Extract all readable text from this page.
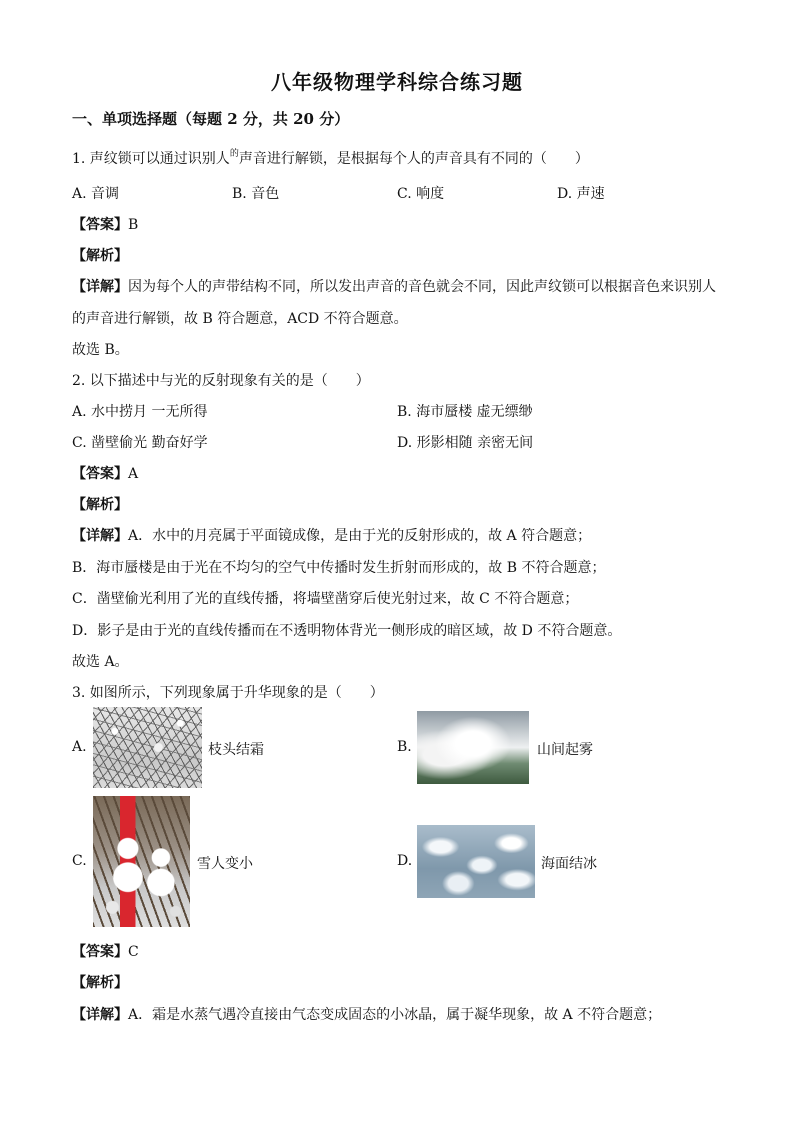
八年级物理学科综合练习题
一、单项选择题（每题 2 分，共 20 分）
1. 声纹锁可以通过识别人$^的$声音进行解锁，是根据每个人的声音具有不同的（　　）
A. 音调	B. 音色	C. 响度	D. 声速
【答案】B
【解析】
【详解】因为每个人的声带结构不同，所以发出声音的音色就会不同，因此声纹锁可以根据音色来识别人
的声音进行解锁，故 B 符合题意，ACD 不符合题意。
故选 B。
2. 以下描述中与光的反射现象有关的是（　　）
A. 水中捞月 一无所得	B. 海市蜃楼 虚无缥缈
C. 凿壁偷光 勤奋好学	D. 形影相随 亲密无间
【答案】A
【解析】
【详解】A．水中的月亮属于平面镜成像，是由于光的反射形成的，故 A 符合题意；
B．海市蜃楼是由于光在不均匀的空气中传播时发生折射而形成的，故 B 不符合题意；
C．凿壁偷光利用了光的直线传播，将墙壁凿穿后使光射过来，故 C 不符合题意；
D．影子是由于光的直线传播而在不透明物体背光一侧形成的暗区域，故 D 不符合题意。
故选 A。
3. 如图所示，下列现象属于升华现象的是（　　）
A.	枝头结霜	B.	山间起雾
C.	雪人变小	D.	海面结冰
【答案】C
【解析】
【详解】A．霜是水蒸气遇冷直接由气态变成固态的小冰晶，属于凝华现象，故 A 不符合题意；
